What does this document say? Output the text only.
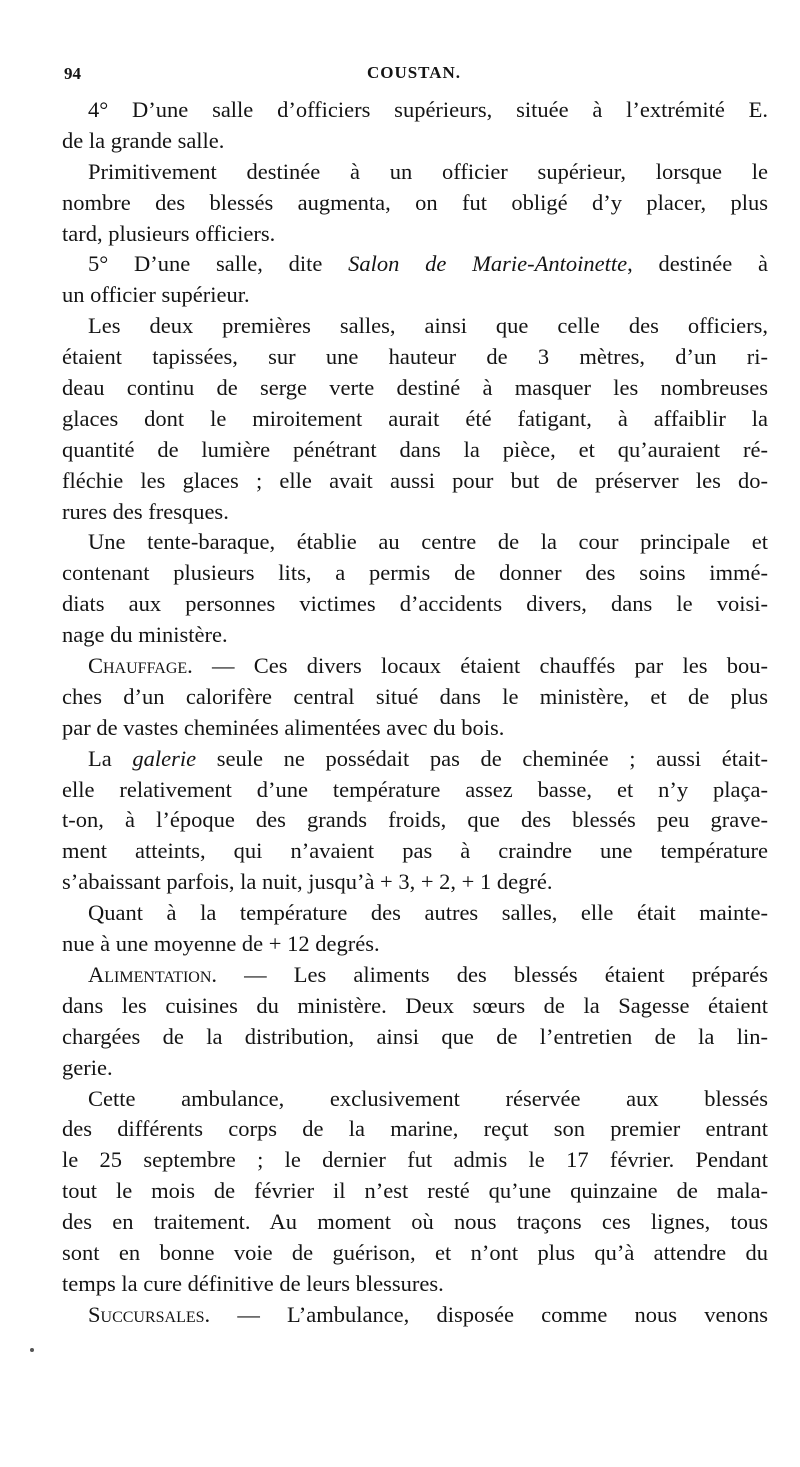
94	COUSTAN.
4° D’une salle d’officiers supérieurs, située à l’extrémité E.
de la grande salle.
Primitivement destinée à un officier supérieur, lorsque le
nombre des blessés augmenta, on fut obligé d’y placer, plus
tard, plusieurs officiers.
5° D’une salle, dite Salon de Marie-Antoinette, destinée à
un officier supérieur.
Les deux premières salles, ainsi que celle des officiers,
étaient tapissées, sur une hauteur de 3 mètres, d’un ri-
deau continu de serge verte destiné à masquer les nombreuses
glaces dont le miroitement aurait été fatigant, à affaiblir la
quantité de lumière pénétrant dans la pièce, et qu’auraient ré-
fléchie les glaces ; elle avait aussi pour but de préserver les do-
rures des fresques.
Une tente-baraque, établie au centre de la cour principale et
contenant plusieurs lits, a permis de donner des soins immé-
diats aux personnes victimes d’accidents divers, dans le voisi-
nage du ministère.
Chauffage. — Ces divers locaux étaient chauffés par les bou-
ches d’un calorifère central situé dans le ministère, et de plus
par de vastes cheminées alimentées avec du bois.
La galerie seule ne possédait pas de cheminée ; aussi était-
elle relativement d’une température assez basse, et n’y plaça-
t-on, à l’époque des grands froids, que des blessés peu grave-
ment atteints, qui n’avaient pas à craindre une température
s’abaissant parfois, la nuit, jusqu’à + 3, + 2, + 1 degré.
Quant à la température des autres salles, elle était mainte-
nue à une moyenne de + 12 degrés.
Alimentation. — Les aliments des blessés étaient préparés
dans les cuisines du ministère. Deux sœurs de la Sagesse étaient
chargées de la distribution, ainsi que de l’entretien de la lin-
gerie.
Cette ambulance, exclusivement réservée aux blessés
des différents corps de la marine, reçut son premier entrant
le 25 septembre ; le dernier fut admis le 17 février. Pendant
tout le mois de février il n’est resté qu’une quinzaine de mala-
des en traitement. Au moment où nous traçons ces lignes, tous
sont en bonne voie de guérison, et n’ont plus qu’à attendre du
temps la cure définitive de leurs blessures.
Succursales. — L’ambulance, disposée comme nous venons
